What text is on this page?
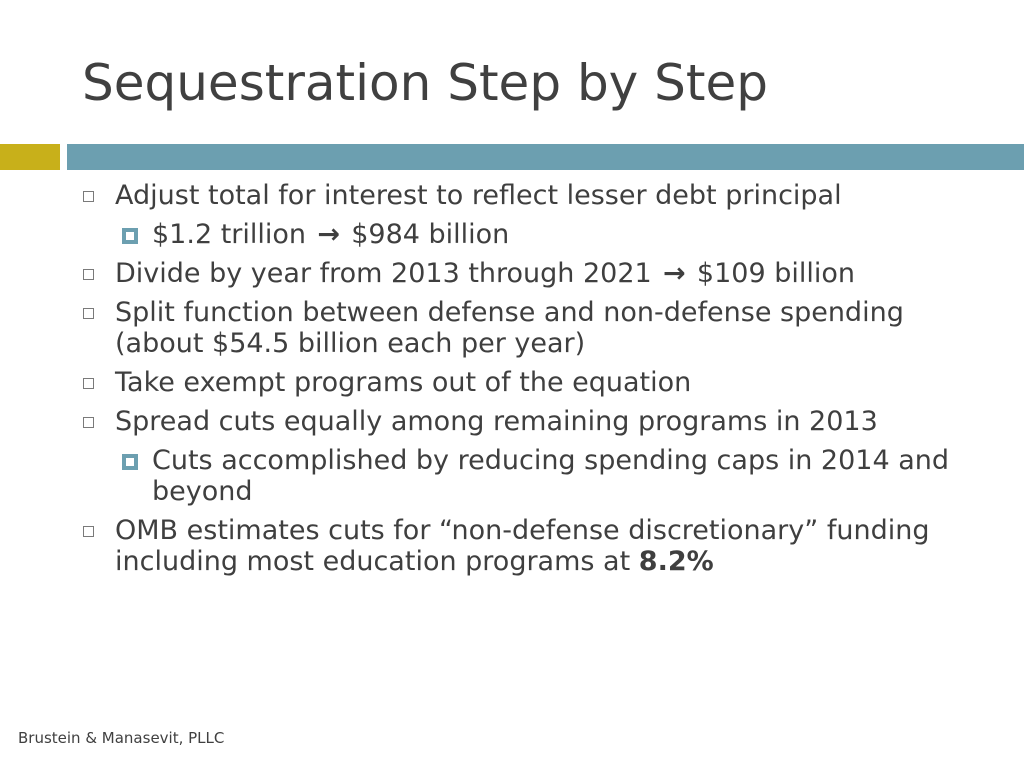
Sequestration Step by Step
Adjust total for interest to reflect lesser debt principal
$1.2 trillion → $984 billion
Divide by year from 2013 through 2021 → $109 billion
Split function between defense and non-defense spending (about $54.5 billion each per year)
Take exempt programs out of the equation
Spread cuts equally among remaining programs in 2013
Cuts accomplished by reducing spending caps in 2014 and beyond
OMB estimates cuts for “non-defense discretionary” funding including most education programs at 8.2%
Brustein & Manasevit, PLLC
